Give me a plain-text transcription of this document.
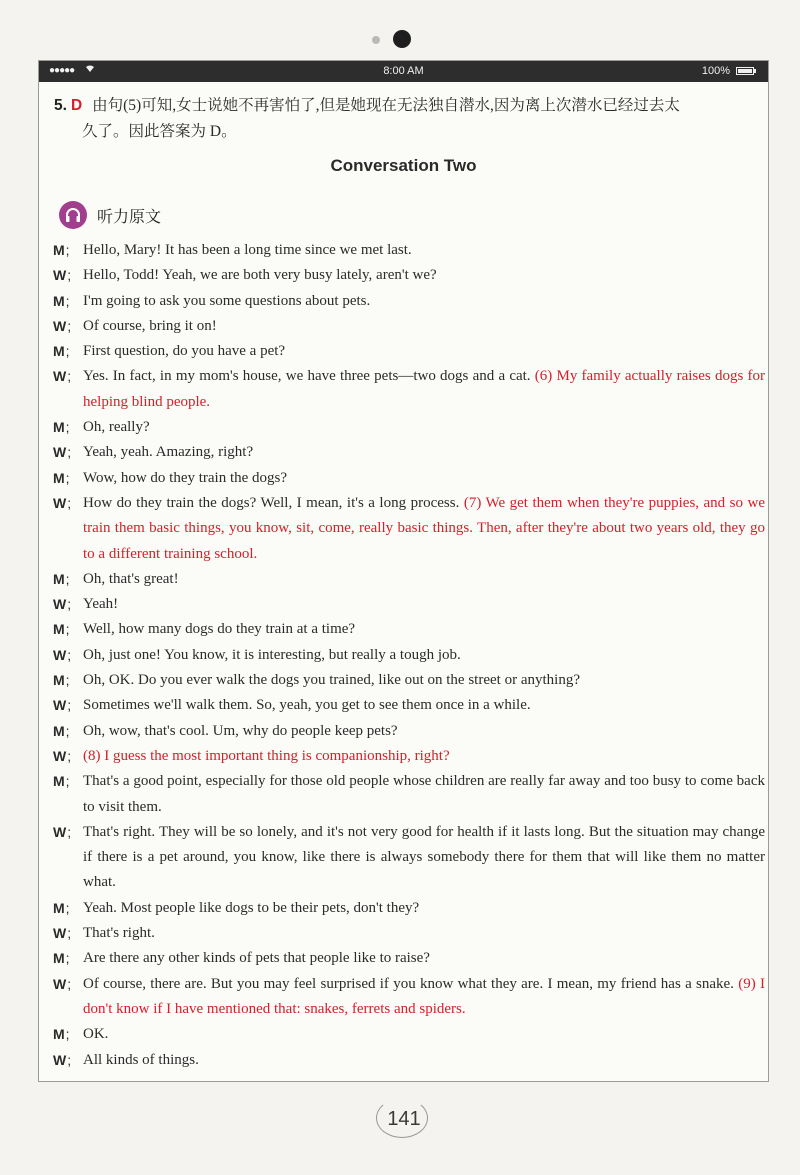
●●●●●	8:00 AM	100%
5. D 由句(5)可知,女士说她不再害怕了,但是她现在无法独自潜水,因为离上次潜水已经过去太
久了。因此答案为 D。
Conversation Two
听力原文
M ;	Hello, Mary! It has been a long time since we met last.
W ;	Hello, Todd! Yeah, we are both very busy lately, aren't we?
M ;	I'm going to ask you some questions about pets.
W ;	Of course, bring it on!
M ;	First question, do you have a pet?
W ;	Yes. In fact, in my mom's house, we have three pets—two dogs and a cat. (6) My family actually raises dogs for helping blind people.
M ;	Oh, really?
W ;	Yeah, yeah. Amazing, right?
M ;	Wow, how do they train the dogs?
W ;	How do they train the dogs? Well, I mean, it's a long process. (7) We get them when they're puppies, and so we train them basic things, you know, sit, come, really basic things. Then, after they're about two years old, they go to a different training school.
M ;	Oh, that's great!
W ;	Yeah!
M ;	Well, how many dogs do they train at a time?
W ;	Oh, just one! You know, it is interesting, but really a tough job.
M ;	Oh, OK. Do you ever walk the dogs you trained, like out on the street or anything?
W ;	Sometimes we'll walk them. So, yeah, you get to see them once in a while.
M ;	Oh, wow, that's cool. Um, why do people keep pets?
W ;	(8) I guess the most important thing is companionship, right?
M ;	That's a good point, especially for those old people whose children are really far away and too busy to come back to visit them.
W ;	That's right. They will be so lonely, and it's not very good for health if it lasts long. But the situation may change if there is a pet around, you know, like there is always somebody there for them that will like them no matter what.
M ;	Yeah. Most people like dogs to be their pets, don't they?
W ;	That's right.
M ;	Are there any other kinds of pets that people like to raise?
W ;	Of course, there are. But you may feel surprised if you know what they are. I mean, my friend has a snake. (9) I don't know if I have mentioned that: snakes, ferrets and spiders.
M ;	OK.
W ;	All kinds of things.
141
